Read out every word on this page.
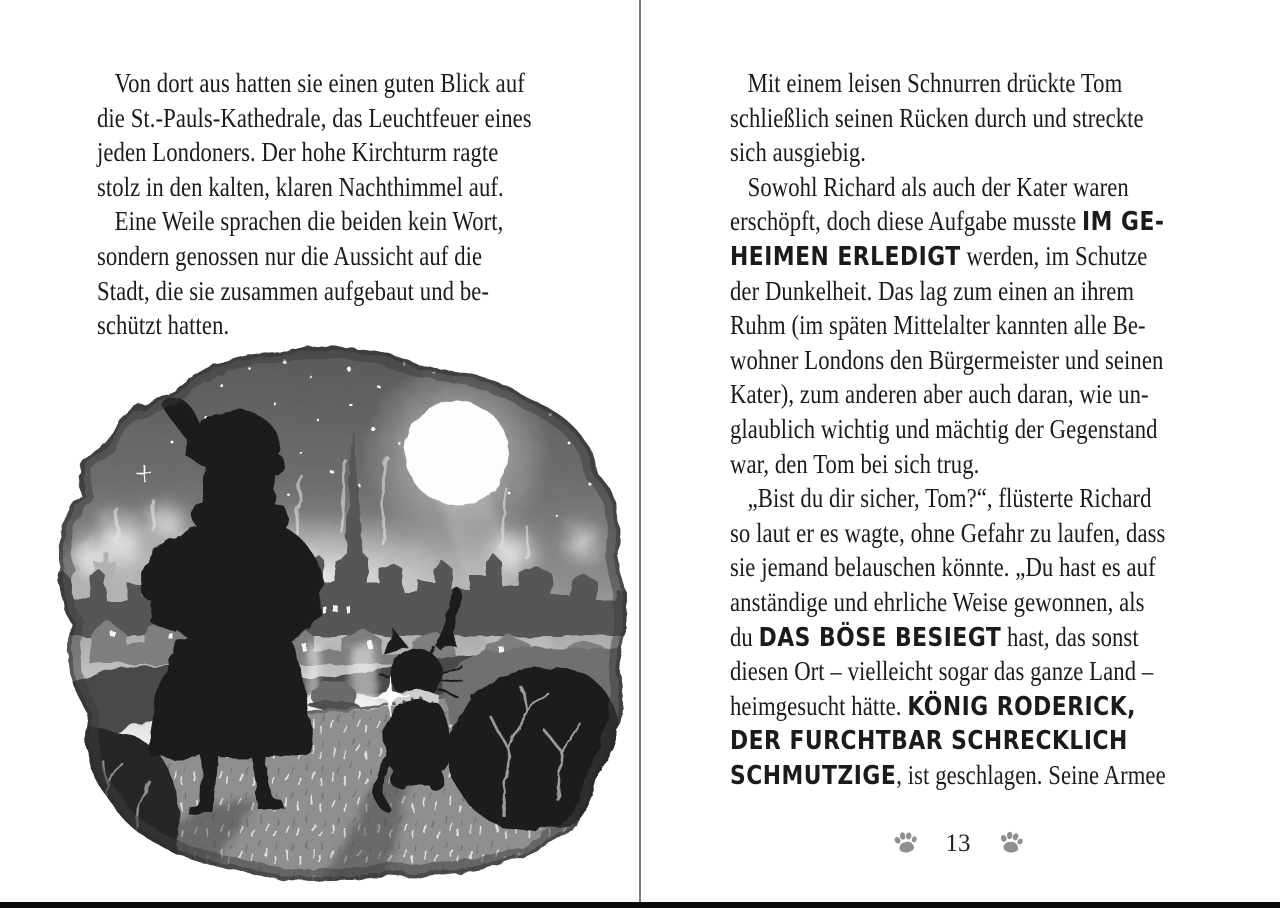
Von dort aus hatten sie einen guten Blick auf
die St.-Pauls-Kathedrale, das Leuchtfeuer eines
jeden Londoners. Der hohe Kirchturm ragte
stolz in den kalten, klaren Nachthimmel auf.
Eine Weile sprachen die beiden kein Wort,
sondern genossen nur die Aussicht auf die
Stadt, die sie zusammen aufgebaut und be-
schützt hatten.
Mit einem leisen Schnurren drückte Tom
schließlich seinen Rücken durch und streckte
sich ausgiebig.
Sowohl Richard als auch der Kater waren
erschöpft, doch diese Aufgabe musste IM GE-
HEIMEN ERLEDIGT werden, im Schutze
der Dunkelheit. Das lag zum einen an ihrem
Ruhm (im späten Mittelalter kannten alle Be-
wohner Londons den Bürgermeister und seinen
Kater), zum anderen aber auch daran, wie un-
glaublich wichtig und mächtig der Gegenstand
war, den Tom bei sich trug.
„Bist du dir sicher, Tom?“, flüsterte Richard
so laut er es wagte, ohne Gefahr zu laufen, dass
sie jemand belauschen könnte. „Du hast es auf
anständige und ehrliche Weise gewonnen, als
du DAS BÖSE BESIEGT hast, das sonst
diesen Ort – vielleicht sogar das ganze Land –
heimgesucht hätte. KÖNIG RODERICK,
DER FURCHTBAR SCHRECKLICH
SCHMUTZIGE, ist geschlagen. Seine Armee
13
